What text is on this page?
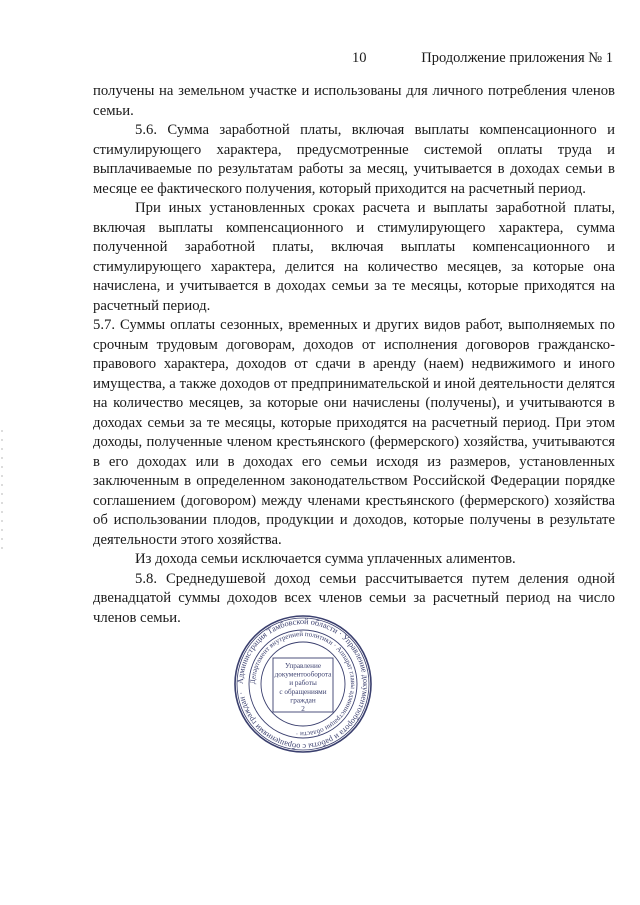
10	Продолжение приложения № 1

получены на земельном участке и использованы для личного потребления членов семьи.

5.6. Сумма заработной платы, включая выплаты компенсационного и стимулирующего характера, предусмотренные системой оплаты труда и выплачиваемые по результатам работы за месяц, учитывается в доходах семьи в месяце ее фактического получения, который приходится на расчетный период.

При иных установленных сроках расчета и выплаты заработной платы, включая выплаты компенсационного и стимулирующего характера, сумма полученной заработной платы, включая выплаты компенсационного и стимулирующего характера, делится на количество месяцев, за которые она начислена, и учитывается в доходах семьи за те месяцы, которые приходятся на расчетный период.

5.7. Суммы оплаты сезонных, временных и других видов работ, выполняемых по срочным трудовым договорам, доходов от исполнения договоров гражданско-правового характера, доходов от сдачи в аренду (наем) недвижимого и иного имущества, а также доходов от предпринимательской и иной деятельности делятся на количество месяцев, за которые они начислены (получены), и учитываются в доходах семьи за те месяцы, которые приходятся на расчетный период. При этом доходы, полученные членом крестьянского (фермерского) хозяйства, учитываются в его доходах или в доходах его семьи исходя из размеров, установленных заключенным в определенном законодательством Российской Федерации порядке соглашением (договором) между членами крестьянского (фермерского) хозяйства об использовании плодов, продукции и доходов, которые получены в результате деятельности этого хозяйства.

Из дохода семьи исключается сумма уплаченных алиментов.

5.8. Среднедушевой доход семьи рассчитывается путем деления одной двенадцатой суммы доходов всех членов семьи за расчетный период на число членов семьи.

Администрация Тамбовской области · Управление документооборота и работы с обращениями граждан ·
Департамент внутренней политики · Аппарат главы администрации области ·
Управление
документооборота
и работы
с обращениями
граждан
2
